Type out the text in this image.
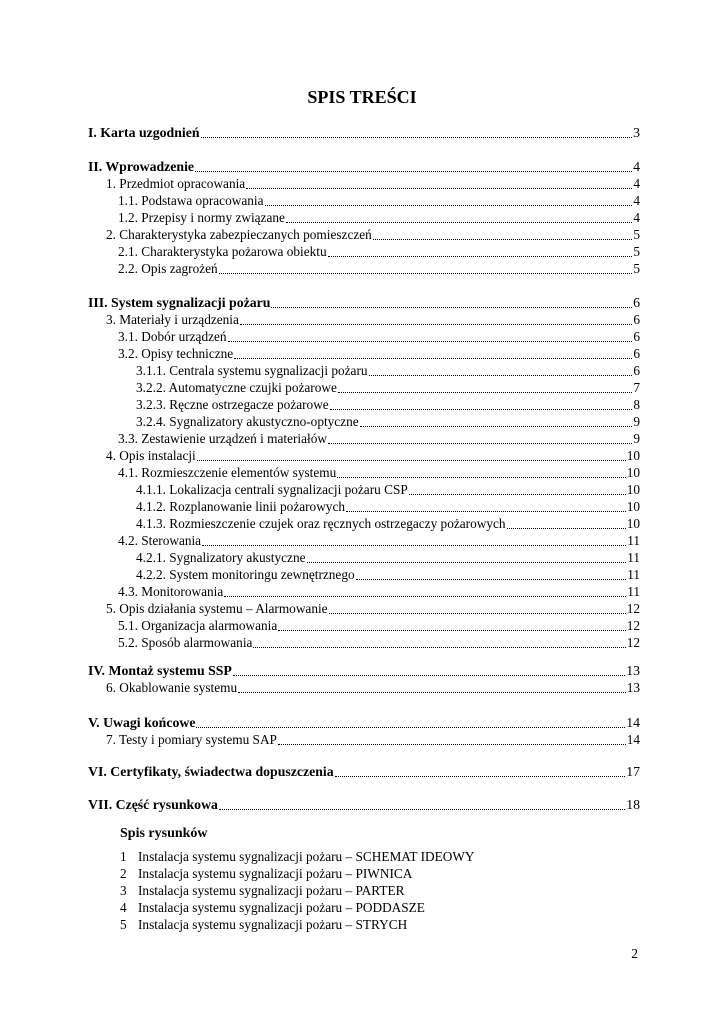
SPIS TREŚCI
I. Karta uzgodnień	3
II. Wprowadzenie	4
1. Przedmiot opracowania	4
1.1. Podstawa opracowania	4
1.2. Przepisy i normy związane	4
2. Charakterystyka zabezpieczanych pomieszczeń	5
2.1. Charakterystyka pożarowa obiektu	5
2.2. Opis zagrożeń	5
III. System sygnalizacji pożaru	6
3. Materiały i urządzenia	6
3.1. Dobór urządzeń	6
3.2. Opisy techniczne	6
3.1.1. Centrala systemu sygnalizacji pożaru	6
3.2.2. Automatyczne czujki pożarowe	7
3.2.3. Ręczne ostrzegacze pożarowe	8
3.2.4. Sygnalizatory akustyczno-optyczne	9
3.3. Zestawienie urządzeń i materiałów	9
4. Opis instalacji	10
4.1. Rozmieszczenie elementów systemu	10
4.1.1. Lokalizacja centrali sygnalizacji pożaru CSP	10
4.1.2. Rozplanowanie linii pożarowych	10
4.1.3. Rozmieszczenie czujek oraz ręcznych ostrzegaczy pożarowych	10
4.2. Sterowania	11
4.2.1. Sygnalizatory akustyczne	11
4.2.2. System monitoringu zewnętrznego	11
4.3. Monitorowania	11
5. Opis działania systemu – Alarmowanie	12
5.1. Organizacja alarmowania	12
5.2. Sposób alarmowania	12
IV. Montaż systemu SSP	13
6. Okablowanie systemu	13
V. Uwagi końcowe	14
7. Testy i pomiary systemu SAP	14
VI. Certyfikaty, świadectwa dopuszczenia	17
VII. Część rysunkowa	18
Spis rysunków
1 Instalacja systemu sygnalizacji pożaru – SCHEMAT IDEOWY
2 Instalacja systemu sygnalizacji pożaru – PIWNICA
3 Instalacja systemu sygnalizacji pożaru – PARTER
4 Instalacja systemu sygnalizacji pożaru – PODDASZE
5 Instalacja systemu sygnalizacji pożaru – STRYCH
2
